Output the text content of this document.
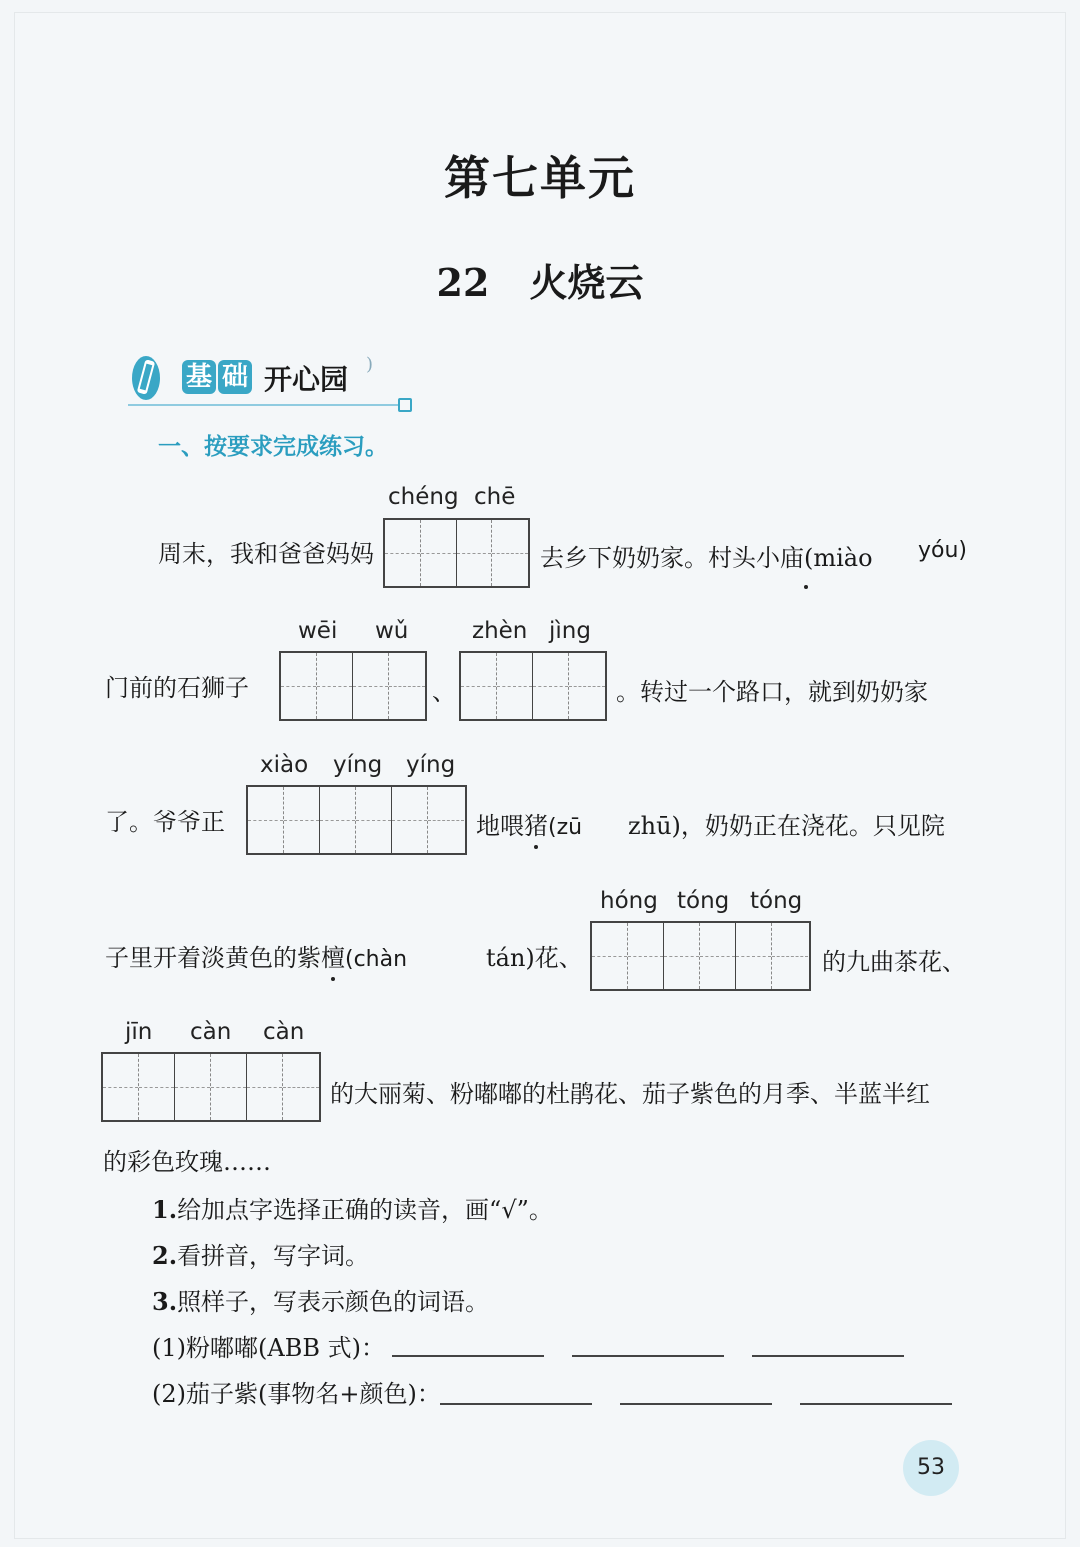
第七单元
22 火烧云
基 础 开心园 )
一、按要求完成练习。
chéng chē
周末，我和爸爸妈妈	去乡下奶奶家。村头小庙(miào yóu)
wēi wǔ	zhèn jìng
门前的石狮子	、	。转过一个路口，就到奶奶家
xiào yíng yíng
了。爷爷正	地喂猪(zū zhū)，奶奶正在浇花。只见院
hóng tóng tóng
子里开着淡黄色的紫檀(chàn	tán)花、	的九曲茶花、
jīn càn càn
的大丽菊、粉嘟嘟的杜鹃花、茄子紫色的月季、半蓝半红
的彩色玫瑰……
1.给加点字选择正确的读音，画“√”。
2.看拼音，写字词。
3.照样子，写表示颜色的词语。
(1)粉嘟嘟(ABB 式)：
(2)茄子紫(事物名+颜色)：
53
